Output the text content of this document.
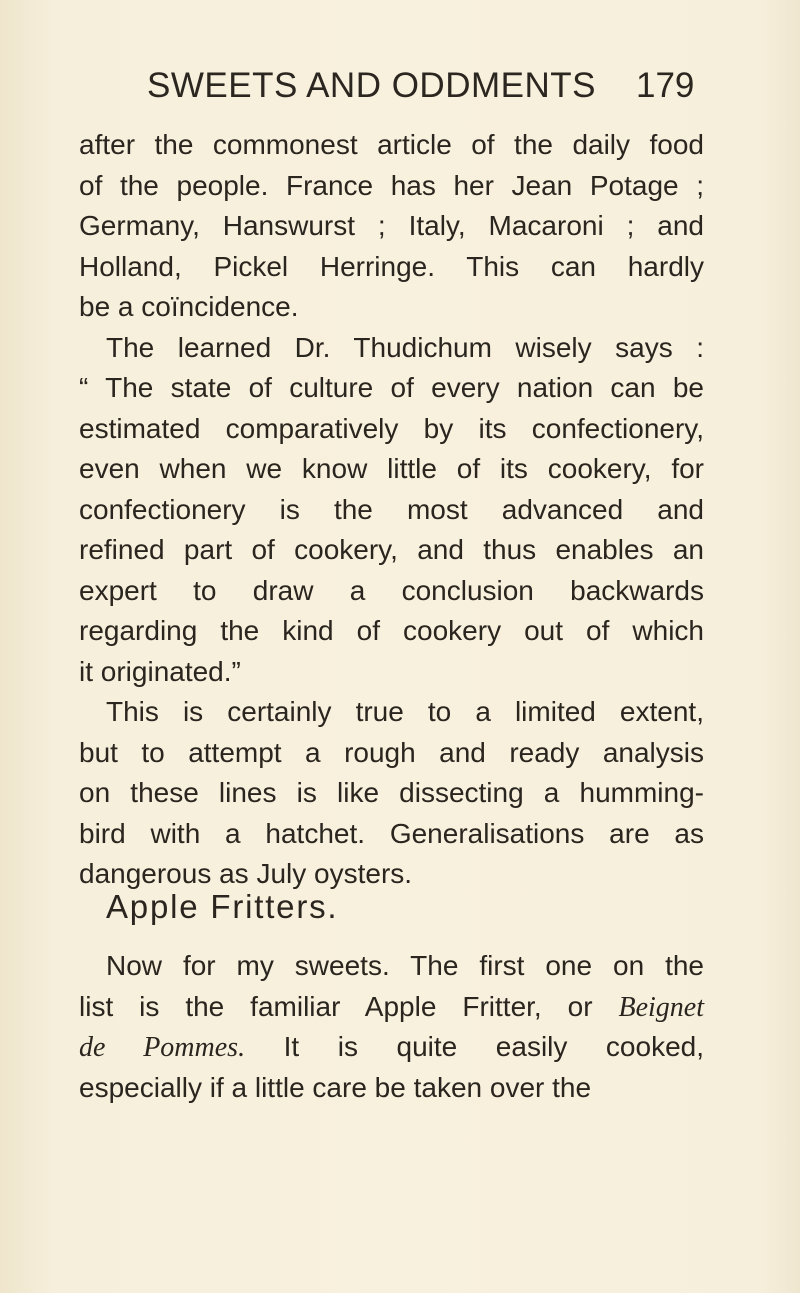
SWEETS AND ODDMENTS 179
after the commonest article of the daily food
of the people. France has her Jean Potage ;
Germany, Hanswurst ; Italy, Macaroni ; and
Holland, Pickel Herringe. This can hardly
be a coïncidence.
The learned Dr. Thudichum wisely says :
“ The state of culture of every nation can be
estimated comparatively by its confectionery,
even when we know little of its cookery, for
confectionery is the most advanced and
refined part of cookery, and thus enables an
expert to draw a conclusion backwards
regarding the kind of cookery out of which
it originated.”
This is certainly true to a limited extent,
but to attempt a rough and ready analysis
on these lines is like dissecting a humming-
bird with a hatchet. Generalisations are as
dangerous as July oysters.
Apple Fritters.
Now for my sweets. The first one on the
list is the familiar Apple Fritter, or Beignet
de Pommes. It is quite easily cooked,
especially if a little care be taken over the
